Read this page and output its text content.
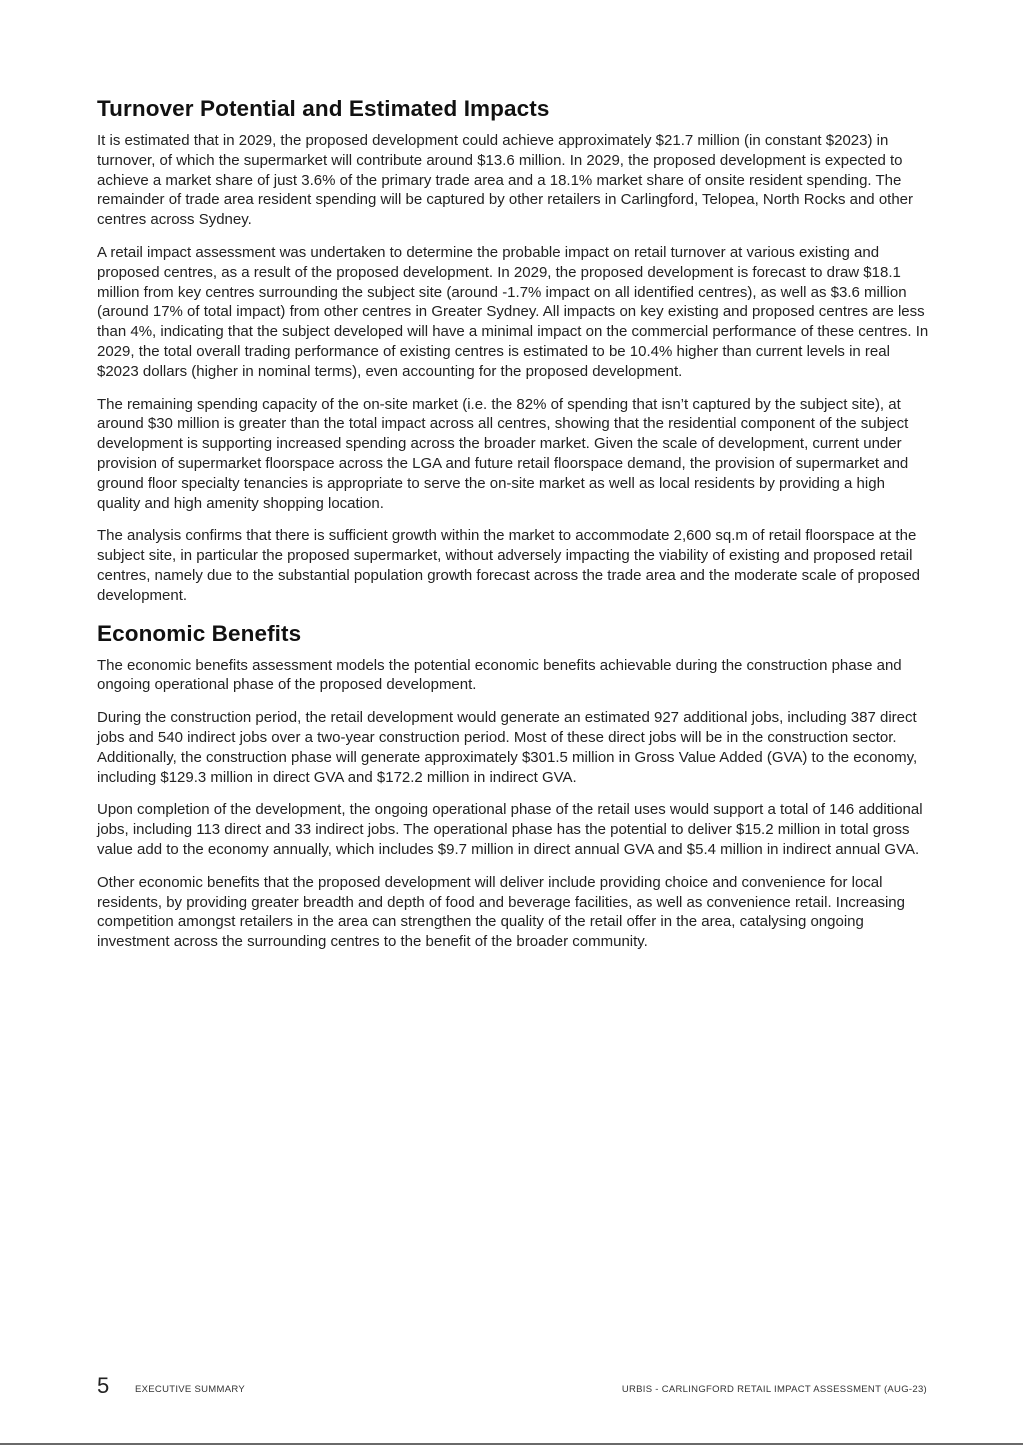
Turnover Potential and Estimated Impacts

It is estimated that in 2029, the proposed development could achieve approximately $21.7 million (in constant $2023) in turnover, of which the supermarket will contribute around $13.6 million. In 2029, the proposed development is expected to achieve a market share of just 3.6% of the primary trade area and a 18.1% market share of onsite resident spending. The remainder of trade area resident spending will be captured by other retailers in Carlingford, Telopea, North Rocks and other centres across Sydney.

A retail impact assessment was undertaken to determine the probable impact on retail turnover at various existing and proposed centres, as a result of the proposed development. In 2029, the proposed development is forecast to draw $18.1 million from key centres surrounding the subject site (around -1.7% impact on all identified centres), as well as $3.6 million (around 17% of total impact) from other centres in Greater Sydney. All impacts on key existing and proposed centres are less than 4%, indicating that the subject developed will have a minimal impact on the commercial performance of these centres. In 2029, the total overall trading performance of existing centres is estimated to be 10.4% higher than current levels in real $2023 dollars (higher in nominal terms), even accounting for the proposed development.

The remaining spending capacity of the on-site market (i.e. the 82% of spending that isn’t captured by the subject site), at around $30 million is greater than the total impact across all centres, showing that the residential component of the subject development is supporting increased spending across the broader market. Given the scale of development, current under provision of supermarket floorspace across the LGA and future retail floorspace demand, the provision of supermarket and ground floor specialty tenancies is appropriate to serve the on-site market as well as local residents by providing a high quality and high amenity shopping location.

The analysis confirms that there is sufficient growth within the market to accommodate 2,600 sq.m of retail floorspace at the subject site, in particular the proposed supermarket, without adversely impacting the viability of existing and proposed retail centres, namely due to the substantial population growth forecast across the trade area and the moderate scale of proposed development.

Economic Benefits

The economic benefits assessment models the potential economic benefits achievable during the construction phase and ongoing operational phase of the proposed development.

During the construction period, the retail development would generate an estimated 927 additional jobs, including 387 direct jobs and 540 indirect jobs over a two-year construction period. Most of these direct jobs will be in the construction sector. Additionally, the construction phase will generate approximately $301.5 million in Gross Value Added (GVA) to the economy, including $129.3 million in direct GVA and $172.2 million in indirect GVA.

Upon completion of the development, the ongoing operational phase of the retail uses would support a total of 146 additional jobs, including 113 direct and 33 indirect jobs. The operational phase has the potential to deliver $15.2 million in total gross value add to the economy annually, which includes $9.7 million in direct annual GVA and $5.4 million in indirect annual GVA.

Other economic benefits that the proposed development will deliver include providing choice and convenience for local residents, by providing greater breadth and depth of food and beverage facilities, as well as convenience retail. Increasing competition amongst retailers in the area can strengthen the quality of the retail offer in the area, catalysing ongoing investment across the surrounding centres to the benefit of the broader community.

5	EXECUTIVE SUMMARY	URBIS - CARLINGFORD RETAIL IMPACT ASSESSMENT (AUG-23)
